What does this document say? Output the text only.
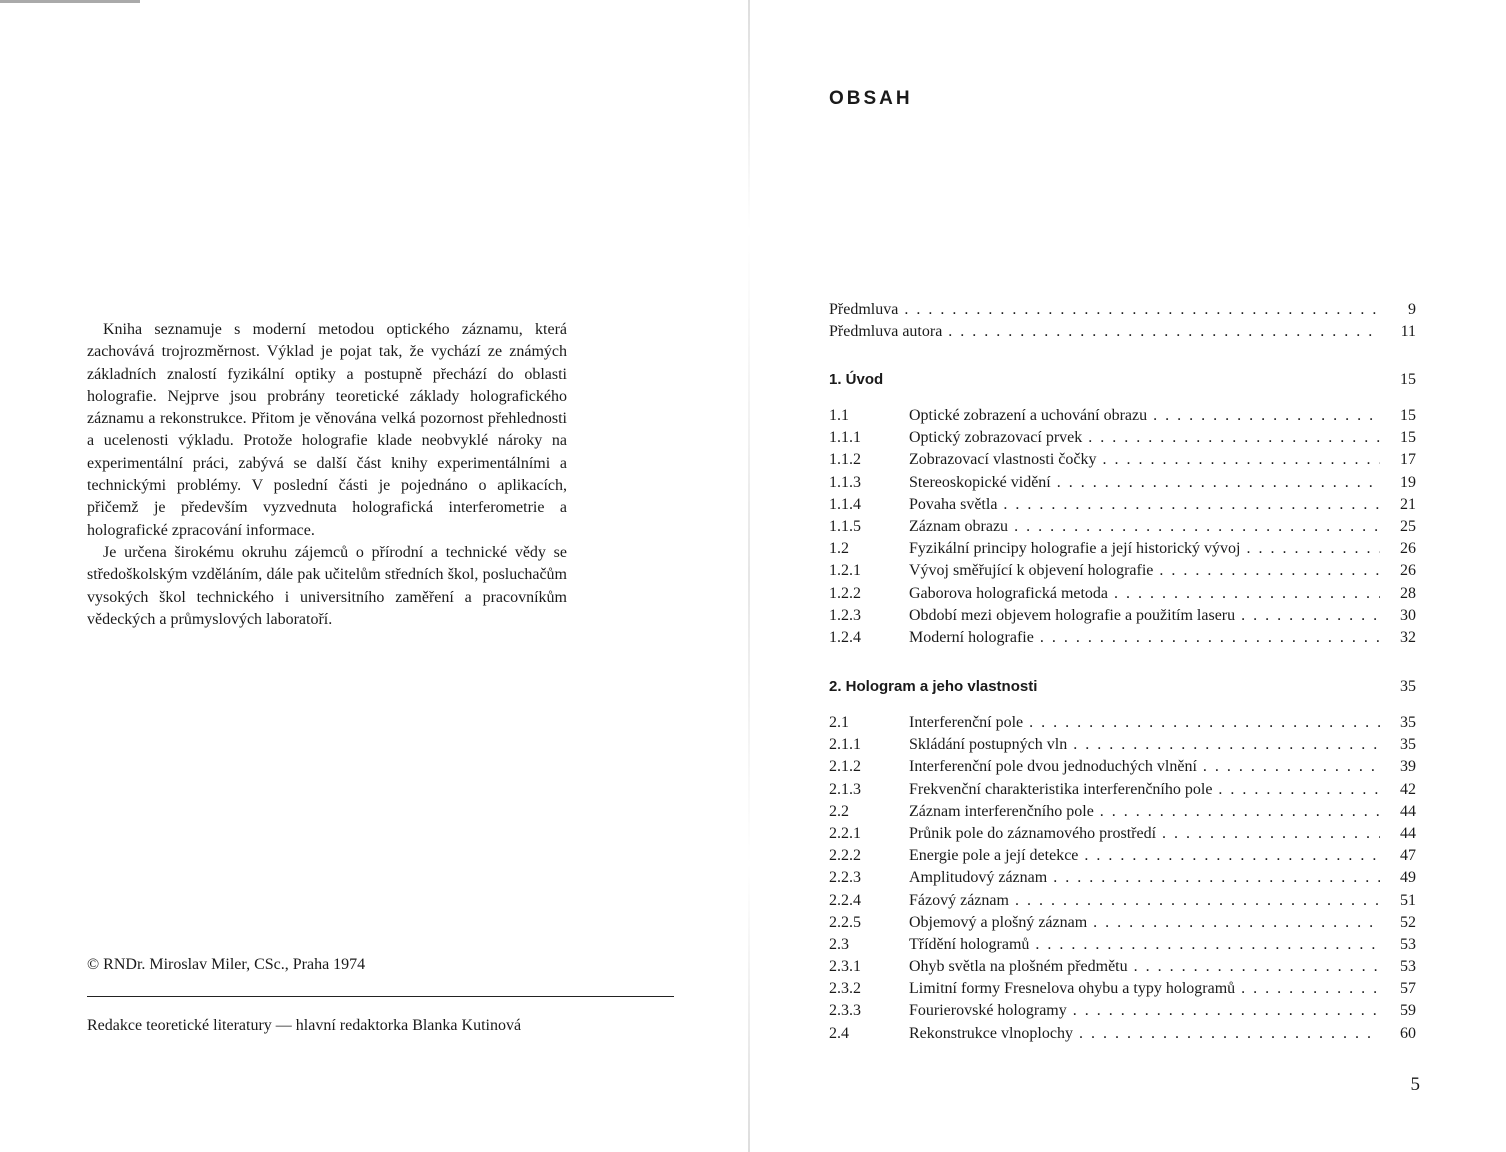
Kniha seznamuje s moderní metodou optického záznamu, která zachovává trojrozměrnost. Výklad je pojat tak, že vychází ze známých základních znalostí fyzikální optiky a postupně přechází do oblasti holografie. Nejprve jsou probrány teoretické základy holografického záznamu a rekonstrukce. Přitom je věnována velká pozornost přehlednosti a ucelenosti výkladu. Protože holografie klade neobvyklé nároky na experimentální práci, zabývá se další část knihy experimentálními a technickými problémy. V poslední části je pojednáno o aplikacích, přičemž je především vyzvednuta holografická interferometrie a holografické zpracování informace.

Je určena širokému okruhu zájemců o přírodní a technické vědy se středoškolským vzděláním, dále pak učitelům středních škol, posluchačům vysokých škol technického i universitního zaměření a pracovníkům vědeckých a průmyslových laboratoří.

© RNDr. Miroslav Miler, CSc., Praha 1974
Redakce teoretické literatury — hlavní redaktorka Blanka Kutinová
OBSAH
Předmluva . . .	9
Předmluva autora . . .	11
1. Úvod	15
1.1	Optické zobrazení a uchování obrazu . . .	15
1.1.1	Optický zobrazovací prvek . . .	15
1.1.2	Zobrazovací vlastnosti čočky . . .	17
1.1.3	Stereoskopické vidění . . .	19
1.1.4	Povaha světla . . .	21
1.1.5	Záznam obrazu . . .	25
1.2	Fyzikální principy holografie a její historický vývoj . . .	26
1.2.1	Vývoj směřující k objevení holografie . . .	26
1.2.2	Gaborova holografická metoda . . .	28
1.2.3	Období mezi objevem holografie a použitím laseru . . .	30
1.2.4	Moderní holografie . . .	32
2. Hologram a jeho vlastnosti	35
2.1	Interferenční pole . . .	35
2.1.1	Skládání postupných vln . . .	35
2.1.2	Interferenční pole dvou jednoduchých vlnění . . .	39
2.1.3	Frekvenční charakteristika interferenčního pole . . .	42
2.2	Záznam interferenčního pole . . .	44
2.2.1	Průnik pole do záznamového prostředí . . .	44
2.2.2	Energie pole a její detekce . . .	47
2.2.3	Amplitudový záznam . . .	49
2.2.4	Fázový záznam . . .	51
2.2.5	Objemový a plošný záznam . . .	52
2.3	Třídění hologramů . . .	53
2.3.1	Ohyb světla na plošném předmětu . . .	53
2.3.2	Limitní formy Fresnelova ohybu a typy hologramů . . .	57
2.3.3	Fourierovské hologramy . . .	59
2.4	Rekonstrukce vlnoplochy . . .	60
5
